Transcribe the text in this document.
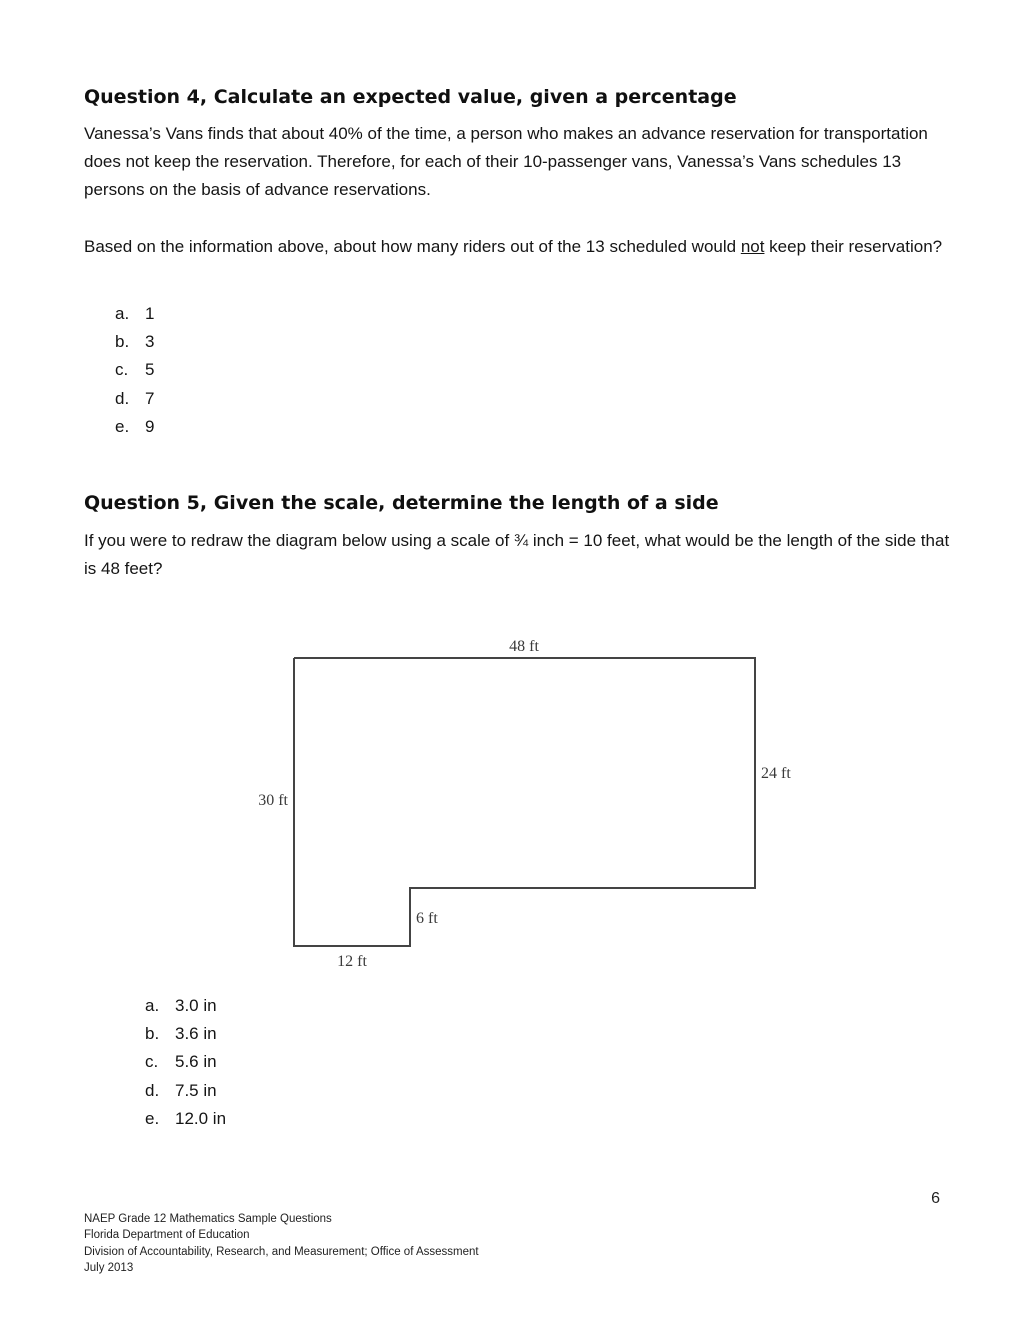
Question 4, Calculate an expected value, given a percentage

Vanessa’s Vans finds that about 40% of the time, a person who makes an advance reservation for transportation does not keep the reservation. Therefore, for each of their 10-passenger vans, Vanessa’s Vans schedules 13 persons on the basis of advance reservations.

Based on the information above, about how many riders out of the 13 scheduled would not keep their reservation?

a. 1
b. 3
c. 5
d. 7
e. 9
Question 5, Given the scale, determine the length of a side

If you were to redraw the diagram below using a scale of ¾ inch = 10 feet, what would be the length of the side that is 48 feet?

48 ft
24 ft
30 ft
6 ft
12 ft
a. 3.0 in
b. 3.6 in
c. 5.6 in
d. 7.5 in
e. 12.0 in
6
NAEP Grade 12 Mathematics Sample Questions
Florida Department of Education
Division of Accountability, Research, and Measurement; Office of Assessment
July 2013
